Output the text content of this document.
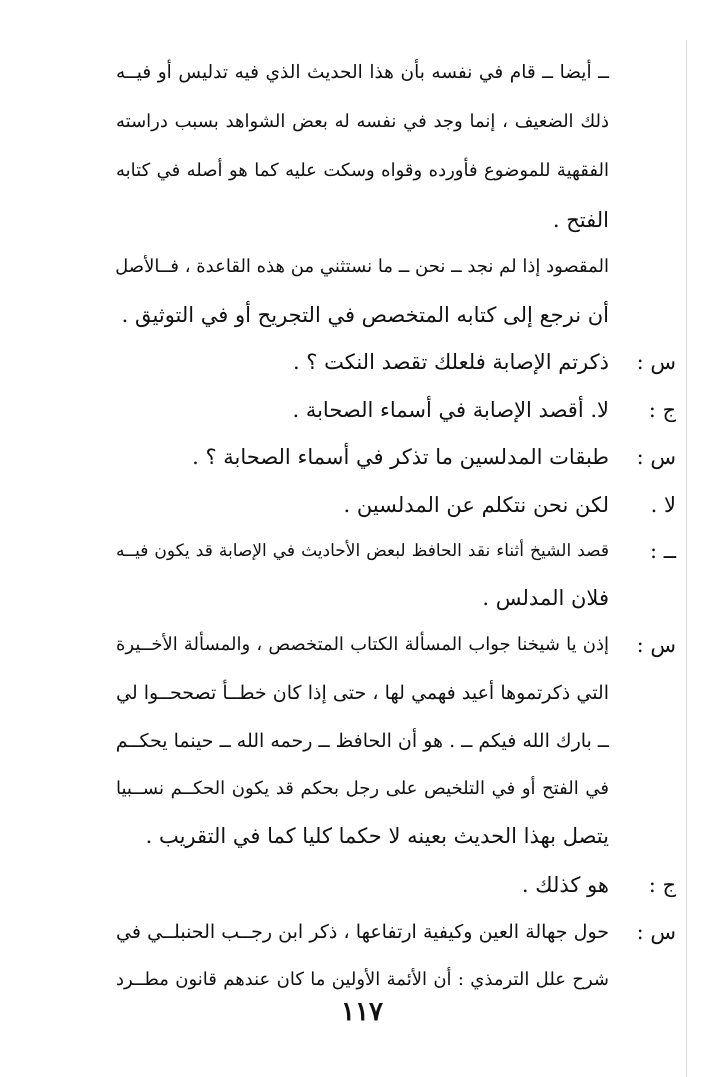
ــ أيضا ــ قام في نفسه بأن هذا الحديث الذي فيه تدليس أو فيــه
ذلك الضعيف ، إنما وجد في نفسه له بعض الشواهد بسبب دراسته
الفقهية للموضوع فأورده وقواه وسكت عليه كما هو أصله في كتابه
الفتح .
المقصود إذا لم نجد ــ نحن ــ ما نستثني من هذه القاعدة ، فــالأصل
أن نرجع إلى كتابه المتخصص في التجريح أو في التوثيق .
س :
ذكرتم الإصابة فلعلك تقصد النكت ؟ .
ج :
لا. أقصد الإصابة في أسماء الصحابة .
س :
طبقات المدلسين ما تذكر في أسماء الصحابة ؟ .
لا .
لكن نحن نتكلم عن المدلسين .
ــ :
قصد الشيخ أثناء نقد الحافظ لبعض الأحاديث في الإصابة قد يكون فيــه
فلان المدلس .
س :
إذن يا شيخنا جواب المسألة الكتاب المتخصص ، والمسألة الأخــيرة
التي ذكرتموها أعيد فهمي لها ، حتى إذا كان خطــأ تصححــوا لي
ــ بارك الله فيكم ــ . هو أن الحافظ ــ رحمه الله ــ حينما يحكــم
في الفتح أو في التلخيص على رجل بحكم قد يكون الحكــم نســبيا
يتصل بهذا الحديث بعينه لا حكما كليا كما في التقريب .
ج :
هو كذلك .
س :
حول جهالة العين وكيفية ارتفاعها ، ذكر ابن رجــب الحنبلــي في
شرح علل الترمذي : أن الأئمة الأولين ما كان عندهم قانون مطــرد
١١٧
